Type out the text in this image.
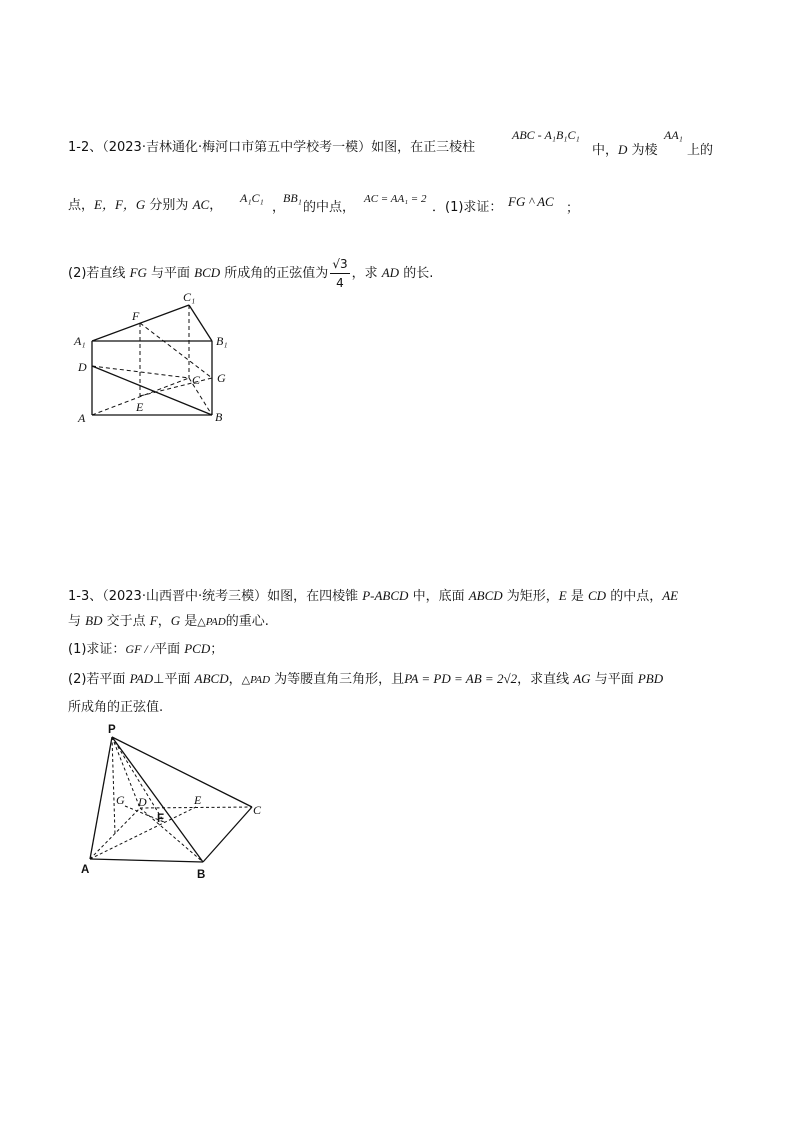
1-2、（2023·吉林通化·梅河口市第五中学校考一模）如图，在正三棱柱
ABC - A₁B₁C₁
中，D 为棱
AA₁
上的
点，E，F，G 分别为 AC， A₁C₁
，
BB₁
的中点，
AC = AA₁ = 2
．(1)求证： FG ^ AC ；
(2)若直线 FG 与平面 BCD 所成角的正弦值为 $\frac{√3}{4}$ ，求 AD 的长.
C₁
F
A₁	B₁
D
C G
E
A	B
1-3、（2023·山西晋中·统考三模）如图，在四棱锥 P-ABCD 中，底面 ABCD 为矩形，E 是 CD 的中点，AE
与 BD 交于点 F，G 是△PAD的重心.
(1)求证：GF / /平面 PCD；
(2)若平面 PAD⊥平面 ABCD，△PAD 为等腰直角三角形，且PA = PD = AB = 2√2，求直线 AG 与平面 PBD
所成角的正弦值.
P
G D	E
C
F
A	B
